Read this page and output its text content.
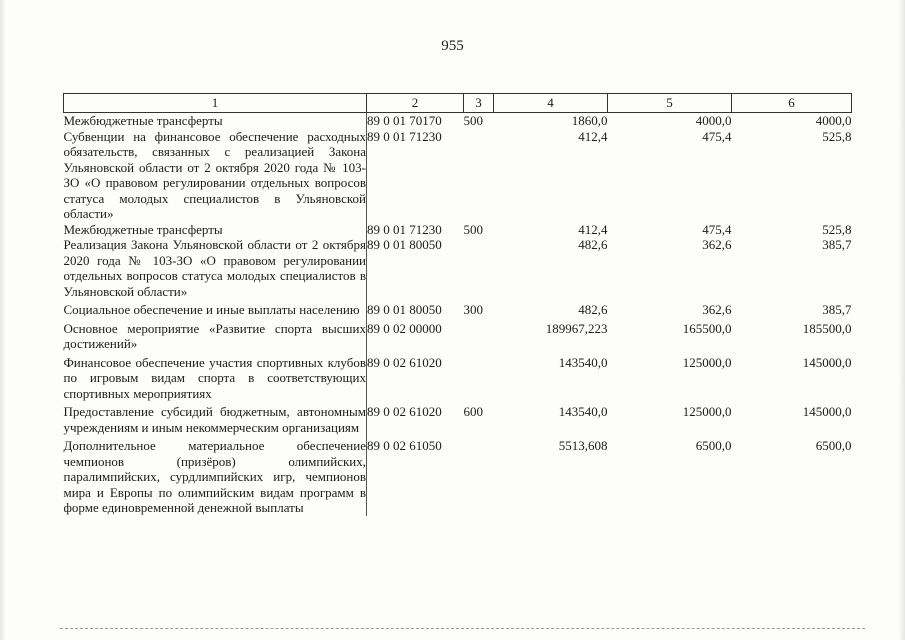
955
1	2	3	4	5	6
Межбюджетные трансферты	89 0 01 70170	500	1860,0	4000,0	4000,0
Субвенции на финансовое обеспечение расходных обязательств, связанных с реализацией Закона Ульяновской области от 2 октября 2020 года № 103-ЗО «О правовом регулировании отдельных вопросов статуса молодых специалистов в Ульяновской области»	89 0 01 71230		412,4	475,4	525,8
Межбюджетные трансферты	89 0 01 71230	500	412,4	475,4	525,8
Реализация Закона Ульяновской области от 2 октября 2020 года № 103-ЗО «О правовом регулировании отдельных вопросов статуса молодых специалистов в Ульяновской области»	89 0 01 80050		482,6	362,6	385,7
Социальное обеспечение и иные выплаты населению	89 0 01 80050	300	482,6	362,6	385,7
Основное мероприятие «Развитие спорта высших достижений»	89 0 02 00000		189967,223	165500,0	185500,0
Финансовое обеспечение участия спортивных клубов по игровым видам спорта в соответствующих спортивных мероприятиях	89 0 02 61020		143540,0	125000,0	145000,0
Предоставление субсидий бюджетным, автономным учреждениям и иным некоммерческим организациям	89 0 02 61020	600	143540,0	125000,0	145000,0
Дополнительное материальное обеспечение чемпионов (призёров) олимпийских, паралимпийских, сурдлимпийских игр, чемпионов мира и Европы по олимпийским видам программ в форме единовременной денежной выплаты	89 0 02 61050		5513,608	6500,0	6500,0
